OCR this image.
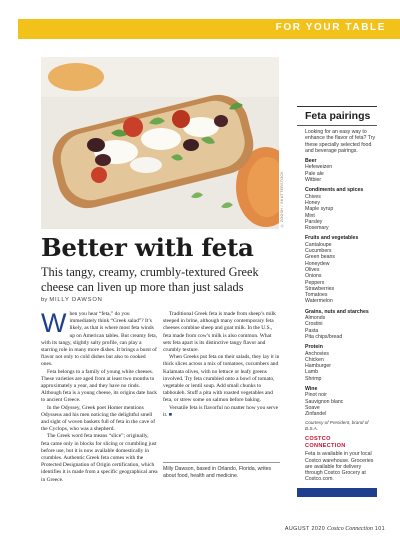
FOR YOUR TABLE
© ZOOSH / SHUTTERSTOCK
Better with feta
This tangy, creamy, crumbly-textured Greek cheese can liven up more than just salads
by MILLY DAWSON

When you hear “feta,” do you immediately think “Greek salad”? It’s likely, as that is where most feta winds up on American tables. But creamy feta, with its tangy, slightly salty profile, can play a starring role in many more dishes. It brings a burst of flavor not only to cold dishes but also to cooked ones.

Feta belongs to a family of young white cheeses. These varieties are aged from at least two months to approximately a year, and they have no rinds. Although feta is a young cheese, its origins date back to ancient Greece.

In the Odyssey, Greek poet Homer mentions Odysseus and his men noticing the delightful smell and sight of woven baskets full of feta in the cave of the Cyclops, who was a shepherd.

The Greek word feta means “slice”; originally, feta came only in blocks for slicing or crumbling just before use, but it is now available domestically in crumbles. Authentic Greek feta comes with the Protected Designation of Origin certification, which identifies it is made from a specific geographical area in Greece.

Traditional Greek feta is made from sheep’s milk steeped in brine, although many contemporary feta cheeses combine sheep and goat milk. In the U.S., feta made from cow’s milk is also common. What sets feta apart is its distinctive tangy flavor and crumbly texture.

When Greeks put feta on their salads, they lay it in thick slices across a mix of tomatoes, cucumbers and Kalamata olives, with no lettuce or leafy greens involved. Try feta crumbled onto a bowl of tomato, vegetable or lentil soup. Add small chunks to tabbouleh. Stuff a pita with roasted vegetables and feta, or strew some on salmon before baking.

Versatile feta is flavorful no matter how you serve it. ■

Milly Dawson, based in Orlando, Florida, writes about food, health and medicine.
Feta pairings
Looking for an easy way to enhance the flavor of feta? Try these specially selected food and beverage pairings.
Beer
Hefeweizen
Pale ale
Witbier
Condiments and spices
Chives
Honey
Maple syrup
Mint
Parsley
Rosemary
Fruits and vegetables
Cantaloupe
Cucumbers
Green beans
Honeydew
Olives
Onions
Peppers
Strawberries
Tomatoes
Watermelon
Grains, nuts and starches
Almonds
Crostini
Pasta
Pita chips/bread
Protein
Anchovies
Chicken
Hamburger
Lamb
Shrimp
Wine
Pinot noir
Sauvignon blanc
Soave
Zinfandel
Courtesy of President, brand of B.S.A.
COSTCO
CONNECTION
Feta is available in your local Costco warehouse. Groceries are available for delivery through Costco Grocery at Costco.com.
AUGUST 2020 Costco Connection 101
